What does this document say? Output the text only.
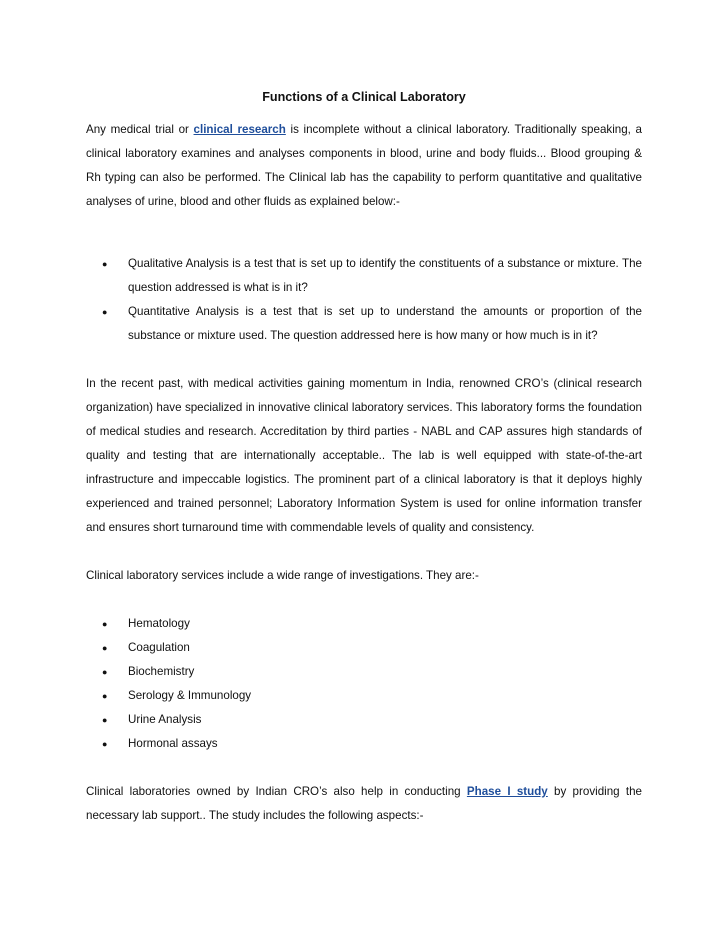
Functions of a Clinical Laboratory

Any medical trial or clinical research is incomplete without a clinical laboratory. Traditionally speaking, a clinical laboratory examines and analyses components in blood, urine and body fluids... Blood grouping & Rh typing can also be performed. The Clinical lab has the capability to perform quantitative and qualitative analyses of urine, blood and other fluids as explained below:-

● Qualitative Analysis is a test that is set up to identify the constituents of a substance or mixture. The question addressed is what is in it?
● Quantitative Analysis is a test that is set up to understand the amounts or proportion of the substance or mixture used. The question addressed here is how many or how much is in it?

In the recent past, with medical activities gaining momentum in India, renowned CRO’s (clinical research organization) have specialized in innovative clinical laboratory services. This laboratory forms the foundation of medical studies and research. Accreditation by third parties - NABL and CAP assures high standards of quality and testing that are internationally acceptable.. The lab is well equipped with state-of-the-art infrastructure and impeccable logistics. The prominent part of a clinical laboratory is that it deploys highly experienced and trained personnel; Laboratory Information System is used for online information transfer and ensures short turnaround time with commendable levels of quality and consistency.

Clinical laboratory services include a wide range of investigations. They are:-

● Hematology
● Coagulation
● Biochemistry
● Serology & Immunology
● Urine Analysis
● Hormonal assays

Clinical laboratories owned by Indian CRO’s also help in conducting Phase I study by providing the necessary lab support.. The study includes the following aspects:-
